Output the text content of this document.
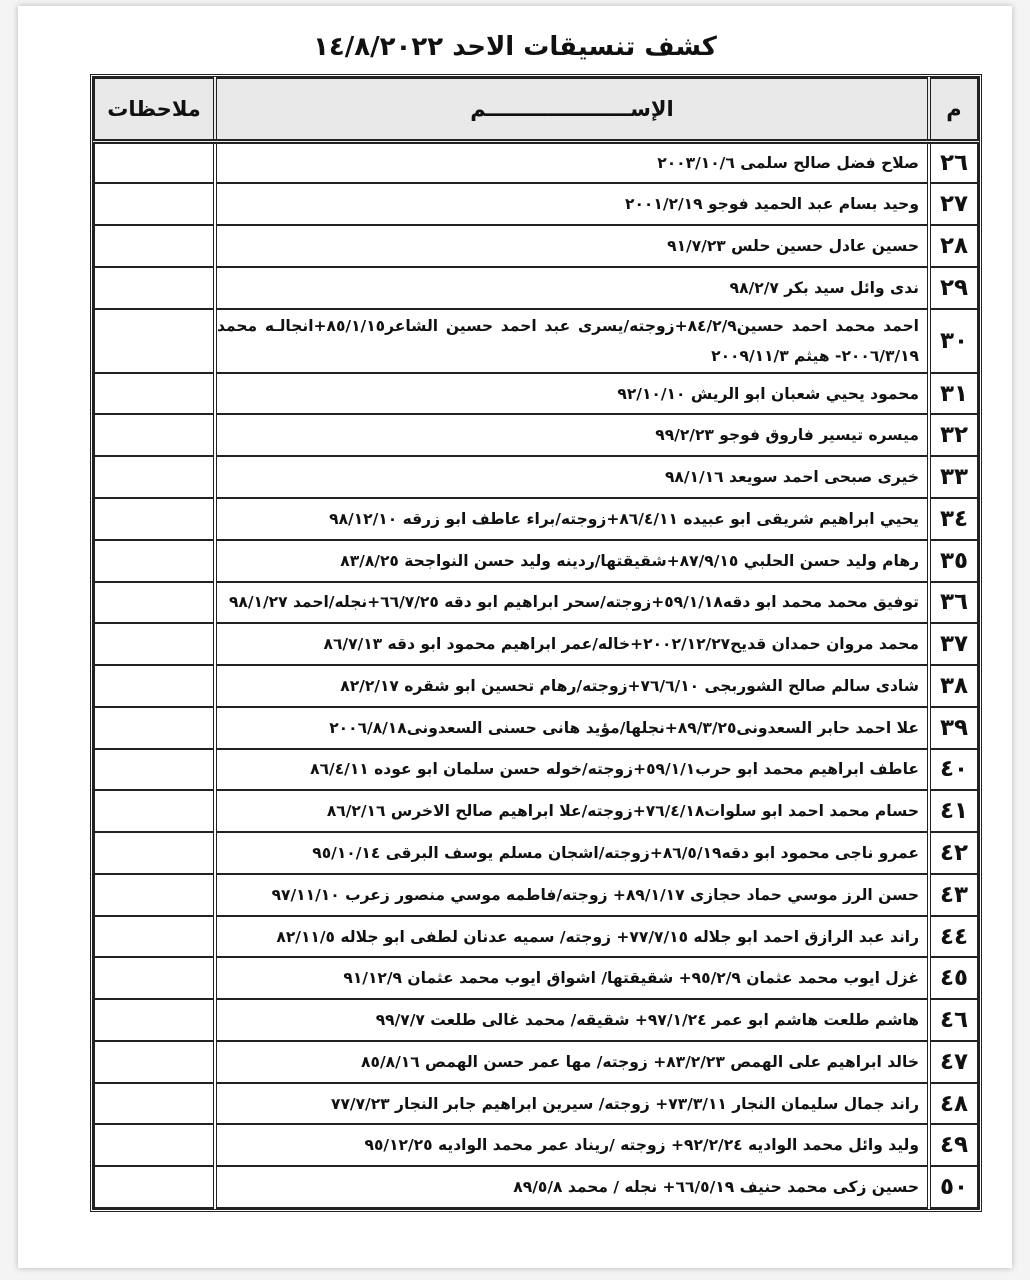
كشف تنسيقات الاحد ١٤/٨/٢٠٢٢
م	الإســــــــــــــــــــم	ملاحظات
٢٦	صلاح فضل صالح سلمى ٢٠٠٣/١٠/٦	
٢٧	وحيد بسام عبد الحميد فوجو ٢٠٠١/٢/١٩	
٢٨	حسين عادل حسين حلس ٩١/٧/٢٣	
٢٩	ندى وائل سيد بكر ٩٨/٢/٧	
٣٠	احمد محمد احمد حسين٨٤/٢/٩+زوجته/يسرى عبد احمد حسين الشاعر٨٥/١/١٥+انجالـه محمد ٢٠٠٦/٣/١٩- هيثم ٢٠٠٩/١١/٣	
٣١	محمود يحيي شعبان ابو الريش ٩٢/١٠/١٠	
٣٢	ميسره تيسير فاروق فوجو ٩٩/٢/٢٣	
٣٣	خيرى صبحى احمد سويعد ٩٨/١/١٦	
٣٤	يحيي ابراهيم شريقى ابو عبيده ٨٦/٤/١١+زوجته/براء عاطف ابو زرقه ٩٨/١٢/١٠	
٣٥	رهام وليد حسن الحلبي ٨٧/٩/١٥+شقيقتها/ردينه وليد حسن النواجحة ٨٣/٨/٢٥	
٣٦	توفيق محمد محمد ابو دقه٥٩/١/١٨+زوجته/سحر ابراهيم ابو دقه ٦٦/٧/٢٥+نجله/احمد ٩٨/١/٢٧	
٣٧	محمد مروان حمدان قديح٢٠٠٢/١٢/٢٧+خاله/عمر ابراهيم محمود ابو دقه ٨٦/٧/١٣	
٣٨	شادى سالم صالح الشوربجى ٧٦/٦/١٠+زوجته/رهام تحسين ابو شقره ٨٢/٢/١٧	
٣٩	علا احمد حابر السعدونى٨٩/٣/٢٥+نجلها/مؤيد هانى حسنى السعدونى٢٠٠٦/٨/١٨	
٤٠	عاطف ابراهيم محمد ابو حرب٥٩/١/١+زوجته/خوله حسن سلمان ابو عوده ٨٦/٤/١١	
٤١	حسام محمد احمد ابو سلوات٧٦/٤/١٨+زوجته/علا ابراهيم صالح الاخرس ٨٦/٢/١٦	
٤٢	عمرو ناجى محمود ابو دقه٨٦/٥/١٩+زوجته/اشجان مسلم يوسف البرقى ٩٥/١٠/١٤	
٤٣	حسن الرز موسي حماد حجازى ٨٩/١/١٧+ زوجته/فاطمه موسي منصور زعرب ٩٧/١١/١٠	
٤٤	راند عبد الرازق احمد ابو جلاله ٧٧/٧/١٥+ زوجته/ سميه عدنان لطفى ابو جلاله ٨٢/١١/٥	
٤٥	غزل ايوب محمد عثمان ٩٥/٢/٩+ شقيقتها/ اشواق ايوب محمد عثمان ٩١/١٢/٩	
٤٦	هاشم طلعت هاشم ابو عمر ٩٧/١/٢٤+ شقيقه/ محمد غالى طلعت ٩٩/٧/٧	
٤٧	خالد ابراهيم على الهمص ٨٣/٢/٢٣+ زوجته/ مها عمر حسن الهمص ٨٥/٨/١٦	
٤٨	راند جمال سليمان النجار ٧٣/٣/١١+ زوجته/ سيرين ابراهيم جابر النجار ٧٧/٧/٢٣	
٤٩	وليد وائل محمد الواديه ٩٢/٢/٢٤+ زوجته /ريناد عمر محمد الواديه ٩٥/١٢/٢٥	
٥٠	حسين زكى محمد حنيف ٦٦/٥/١٩+ نجله / محمد ٨٩/٥/٨	
